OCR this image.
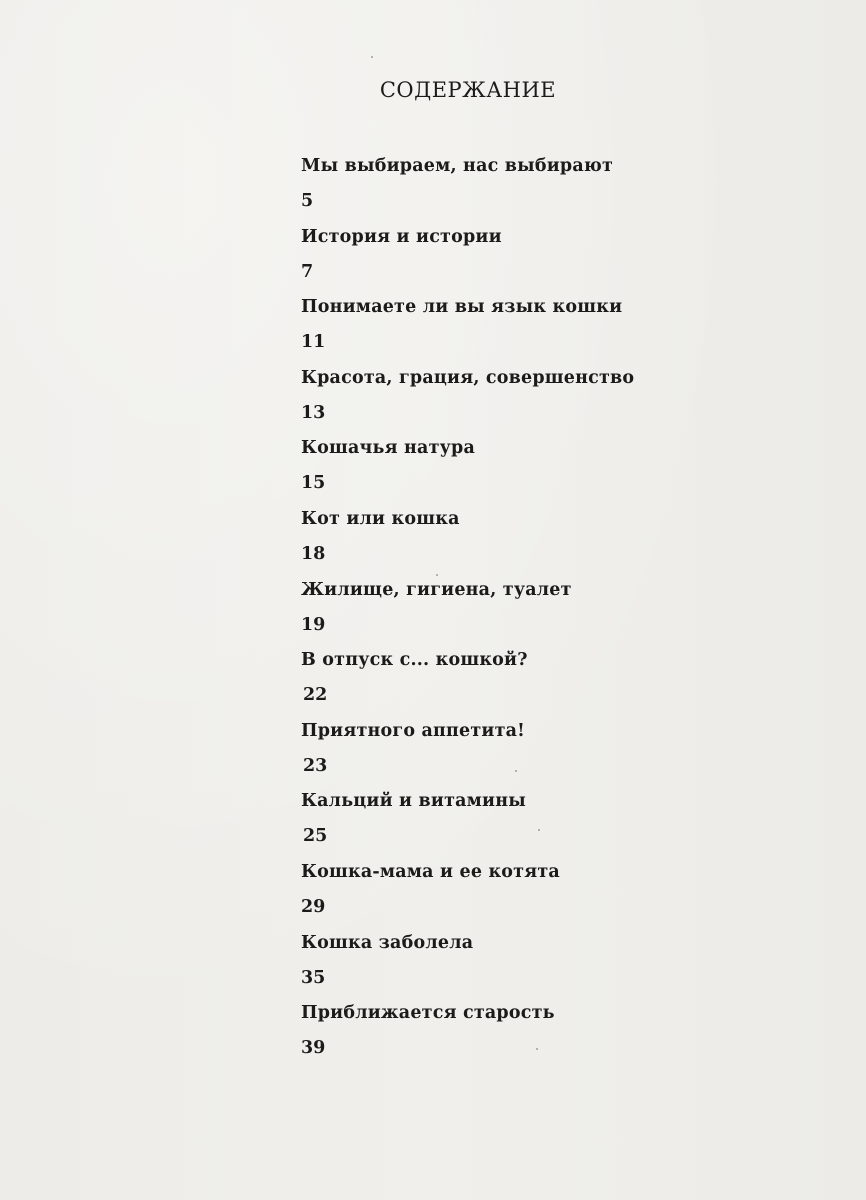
СОДЕРЖАНИЕ
Мы выбираем, нас выбирают
5
История и истории
7
Понимаете ли вы язык кошки
11
Красота, грация, совершенство
13
Кошачья натура
15
Кот или кошка
18
Жилище, гигиена, туалет
19
В отпуск с... кошкой?
22
Приятного аппетита!
23
Кальций и витамины
25
Кошка-мама и ее котята
29
Кошка заболела
35
Приближается старость
39
